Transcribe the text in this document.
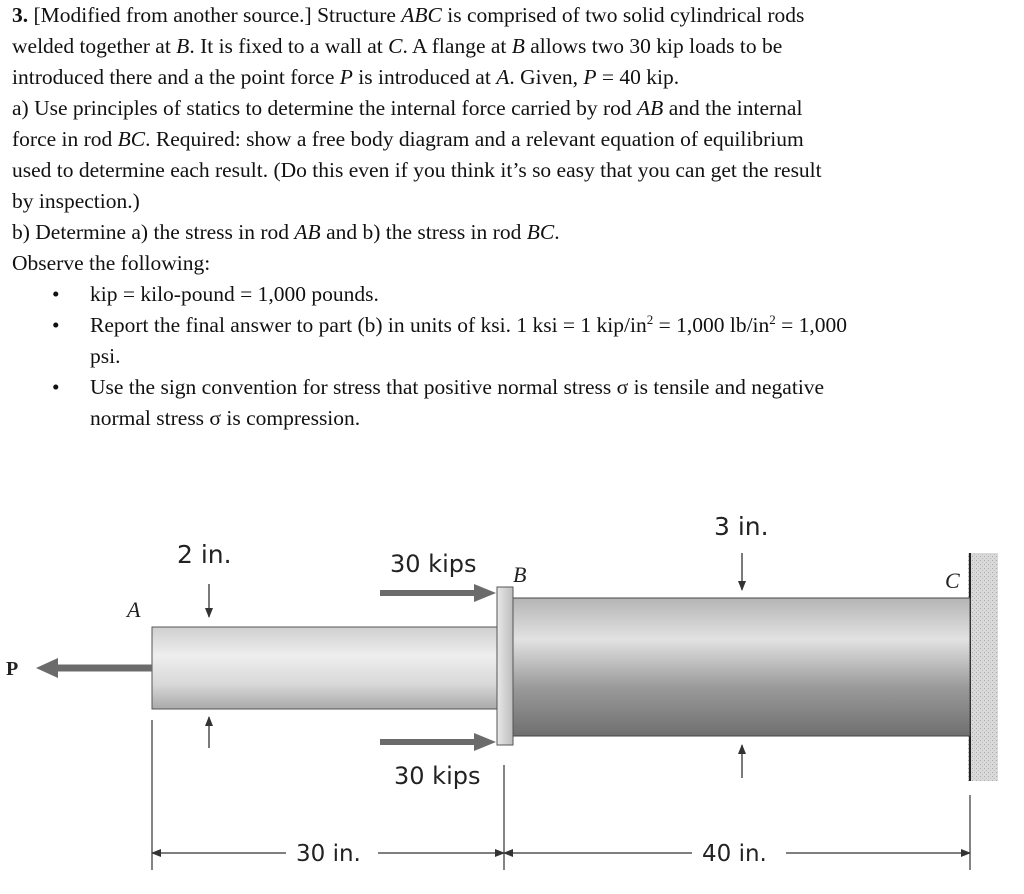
3. [Modified from another source.] Structure ABC is comprised of two solid cylindrical rods
welded together at B. It is fixed to a wall at C. A flange at B allows two 30 kip loads to be
introduced there and a the point force P is introduced at A. Given, P = 40 kip.
a) Use principles of statics to determine the internal force carried by rod AB and the internal
force in rod BC. Required: show a free body diagram and a relevant equation of equilibrium
used to determine each result. (Do this even if you think it’s so easy that you can get the result
by inspection.)
b) Determine a) the stress in rod AB and b) the stress in rod BC.
Observe the following:
• kip = kilo-pound = 1,000 pounds.
• Report the final answer to part (b) in units of ksi. 1 ksi = 1 kip/$in^2 = 1,000$ $lb/in^2 = 1,000$
psi.
• Use the sign convention for stress that positive normal stress σ is tensile and negative
normal stress σ is compression.
P
A
2 in.
3 in.
30 kips
30 kips
B	C
30 in.	40 in.
